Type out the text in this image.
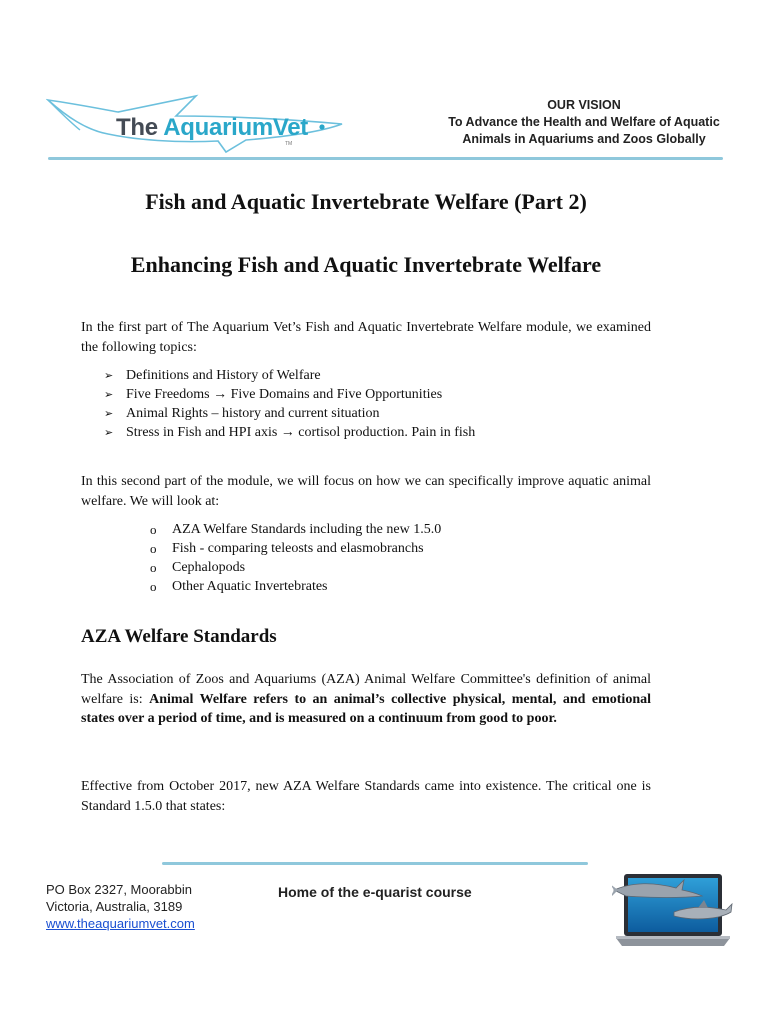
The AquariumVet
TM
OUR VISION
To Advance the Health and Welfare of Aquatic
Animals in Aquariums and Zoos Globally
Fish and Aquatic Invertebrate Welfare (Part 2)
Enhancing Fish and Aquatic Invertebrate Welfare

In the first part of The Aquarium Vet’s Fish and Aquatic Invertebrate Welfare module, we examined the following topics:

➢ Definitions and History of Welfare
➢ Five Freedoms → Five Domains and Five Opportunities
➢ Animal Rights – history and current situation
➢ Stress in Fish and HPI axis → cortisol production. Pain in fish

In this second part of the module, we will focus on how we can specifically improve aquatic animal welfare. We will look at:

o AZA Welfare Standards including the new 1.5.0
o Fish - comparing teleosts and elasmobranchs
o Cephalopods
o Other Aquatic Invertebrates
AZA Welfare Standards

The Association of Zoos and Aquariums (AZA) Animal Welfare Committee's definition of animal welfare is: Animal Welfare refers to an animal’s collective physical, mental, and emotional states over a period of time, and is measured on a continuum from good to poor.

Effective from October 2017, new AZA Welfare Standards came into existence. The critical one is Standard 1.5.0 that states:

PO Box 2327, Moorabbin
Victoria, Australia, 3189
www.theaquariumvet.com
Home of the e-quarist course
